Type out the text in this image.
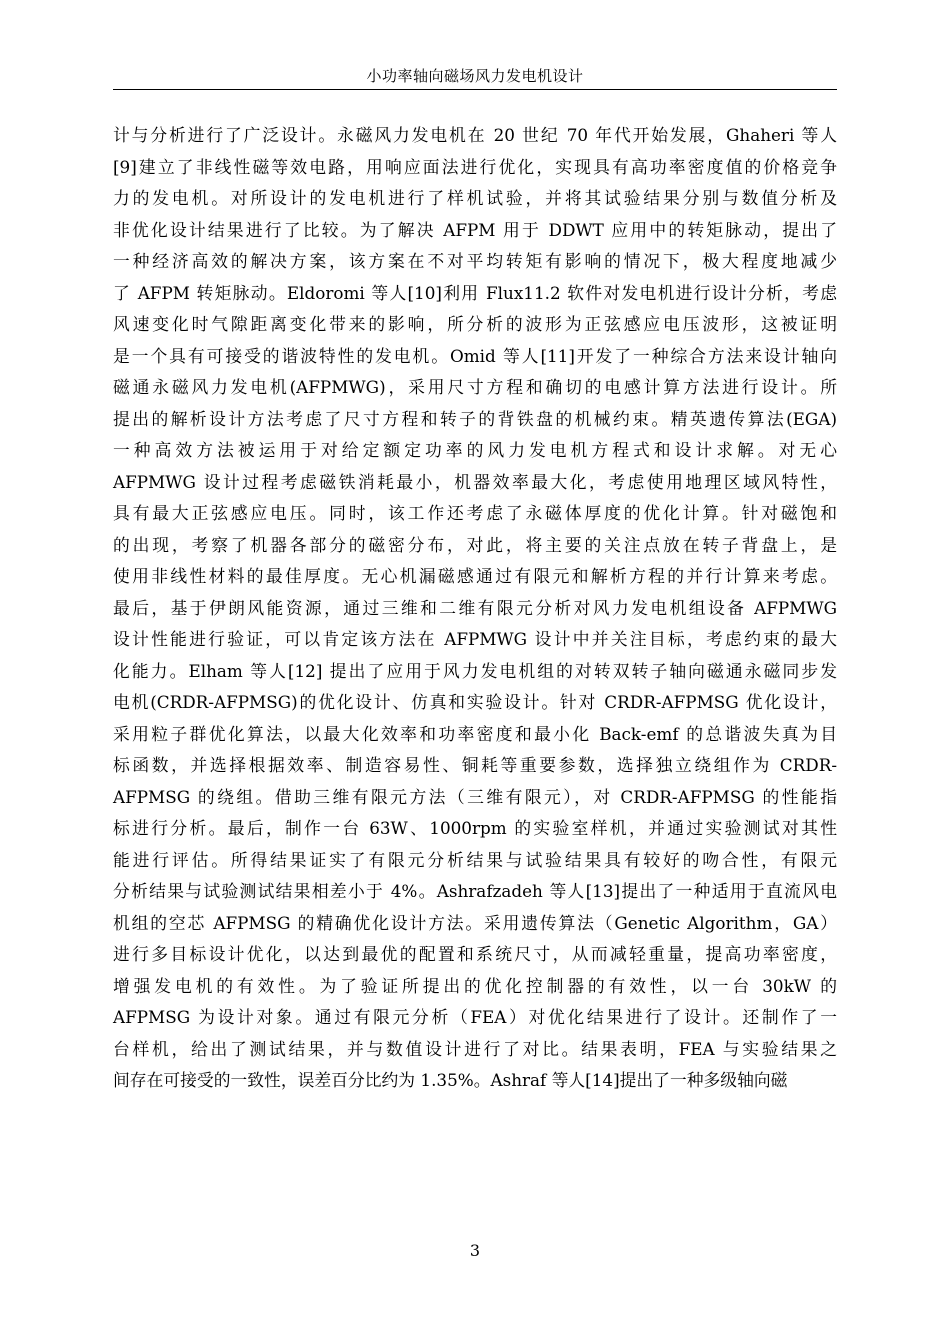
小功率轴向磁场风力发电机设计
计与分析进行了广泛设计。永磁风力发电机在 20 世纪 70 年代开始发展，Ghaheri 等人
[9]建立了非线性磁等效电路，用响应面法进行优化，实现具有高功率密度值的价格竞争
力的发电机。对所设计的发电机进行了样机试验，并将其试验结果分别与数值分析及
非优化设计结果进行了比较。为了解决 AFPM 用于 DDWT 应用中的转矩脉动，提出了
一种经济高效的解决方案，该方案在不对平均转矩有影响的情况下，极大程度地减少
了 AFPM 转矩脉动。Eldoromi 等人[10]利用 Flux11.2 软件对发电机进行设计分析，考虑
风速变化时气隙距离变化带来的影响，所分析的波形为正弦感应电压波形，这被证明
是一个具有可接受的谐波特性的发电机。Omid 等人[11]开发了一种综合方法来设计轴向
磁通永磁风力发电机(AFPMWG)，采用尺寸方程和确切的电感计算方法进行设计。所
提出的解析设计方法考虑了尺寸方程和转子的背铁盘的机械约束。精英遗传算法(EGA)
一种高效方法被运用于对给定额定功率的风力发电机方程式和设计求解。对无心
AFPMWG 设计过程考虑磁铁消耗最小，机器效率最大化，考虑使用地理区域风特性，
具有最大正弦感应电压。同时，该工作还考虑了永磁体厚度的优化计算。针对磁饱和
的出现，考察了机器各部分的磁密分布，对此，将主要的关注点放在转子背盘上，是
使用非线性材料的最佳厚度。无心机漏磁感通过有限元和解析方程的并行计算来考虑。
最后，基于伊朗风能资源，通过三维和二维有限元分析对风力发电机组设备 AFPMWG
设计性能进行验证，可以肯定该方法在 AFPMWG 设计中并关注目标，考虑约束的最大
化能力。Elham 等人[12] 提出了应用于风力发电机组的对转双转子轴向磁通永磁同步发
电机(CRDR-AFPMSG)的优化设计、仿真和实验设计。针对 CRDR-AFPMSG 优化设计，
采用粒子群优化算法，以最大化效率和功率密度和最小化 Back-emf 的总谐波失真为目
标函数，并选择根据效率、制造容易性、铜耗等重要参数，选择独立绕组作为 CRDR-
AFPMSG 的绕组。借助三维有限元方法（三维有限元），对 CRDR-AFPMSG 的性能指
标进行分析。最后，制作一台 63W、1000rpm 的实验室样机，并通过实验测试对其性
能进行评估。所得结果证实了有限元分析结果与试验结果具有较好的吻合性，有限元
分析结果与试验测试结果相差小于 4%。Ashrafzadeh 等人[13]提出了一种适用于直流风电
机组的空芯 AFPMSG 的精确优化设计方法。采用遗传算法（Genetic Algorithm，GA）
进行多目标设计优化，以达到最优的配置和系统尺寸，从而减轻重量，提高功率密度，
增强发电机的有效性。为了验证所提出的优化控制器的有效性，以一台 30kW 的
AFPMSG 为设计对象。通过有限元分析（FEA）对优化结果进行了设计。还制作了一
台样机，给出了测试结果，并与数值设计进行了对比。结果表明，FEA 与实验结果之
间存在可接受的一致性，误差百分比约为 1.35%。Ashraf 等人[14]提出了一种多级轴向磁
3
